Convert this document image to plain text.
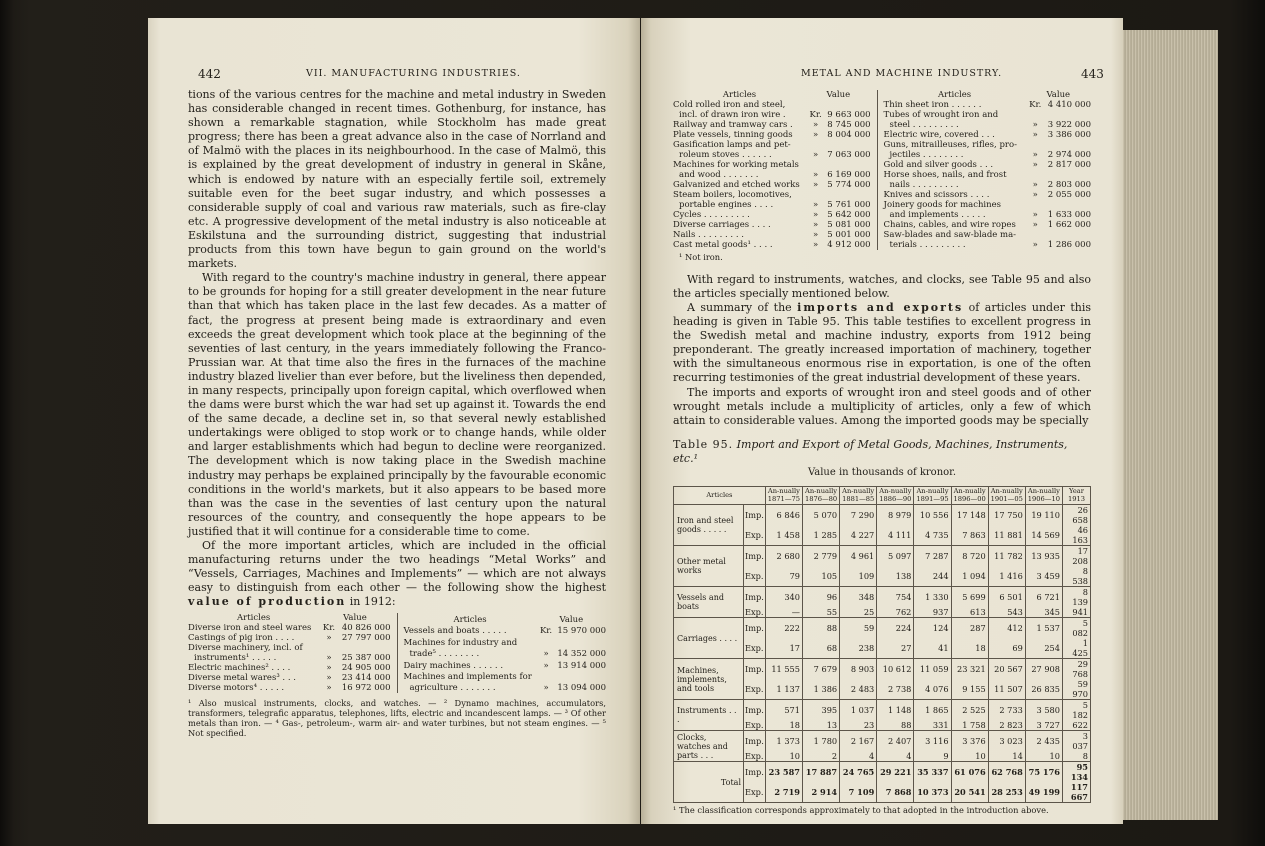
442	VII. MANUFACTURING INDUSTRIES.

tions of the various centres for the machine and metal industry in Sweden has considerable changed in recent times. Gothenburg, for instance, has shown a remarkable stagnation, while Stockholm has made great progress; there has been a great advance also in the case of Norrland and of Malmö with the places in its neighbourhood. In the case of Malmö, this is explained by the great development of industry in general in Skåne, which is endowed by nature with an especially fertile soil, extremely suitable even for the beet sugar industry, and which possesses a considerable supply of coal and various raw materials, such as fire-clay etc. A progressive development of the metal industry is also noticeable at Eskilstuna and the surrounding district, suggesting that industrial products from this town have begun to gain ground on the world's markets.

With regard to the country's machine industry in general, there appear to be grounds for hoping for a still greater development in the near future than that which has taken place in the last few decades. As a matter of fact, the progress at present being made is extraordinary and even exceeds the great development which took place at the beginning of the seventies of last century, in the years immediately following the Franco-Prussian war. At that time also the fires in the furnaces of the machine industry blazed livelier than ever before, but the liveliness then depended, in many respects, principally upon foreign capital, which overflowed when the dams were burst which the war had set up against it. Towards the end of the same decade, a decline set in, so that several newly established undertakings were obliged to stop work or to change hands, while older and larger establishments which had begun to decline were reorganized. The development which is now taking place in the Swedish machine industry may perhaps be explained principally by the favourable economic conditions in the world's markets, but it also appears to be based more than was the case in the seventies of last century upon the natural resources of the country, and consequently the hope appears to be justified that it will continue for a considerable time to come.

Of the more important articles, which are included in the official manufacturing returns under the two headings “Metal Works” and “Vessels, Carriages, Machines and Implements” — which are not always easy to distinguish from each other — the following show the highest value of production in 1912:

Articles	Value	
Diverse iron and steel wares	Kr.	40 826 000
Castings of pig iron . . . .	»	27 797 000
Diverse machinery, incl. of		
instruments¹ . . . . .	»	25 387 000
Electric machines² . . . .	»	24 905 000
Diverse metal wares³ . . .	»	23 414 000
Diverse motors⁴ . . . . .	»	16 972 000
Articles	Value	
Vessels and boats . . . . .	Kr.	15 970 000
Machines for industry and		
trade⁵ . . . . . . . .	»	14 352 000
Dairy machines . . . . . .	»	13 914 000
Machines and implements for		
agriculture . . . . . . .	»	13 094 000

¹ Also musical instruments, clocks, and watches. — ² Dynamo machines, accumulators, transformers, telegrafic apparatus, telephones, lifts, electric and incandescent lamps. — ³ Of other metals than iron. — ⁴ Gas-, petroleum-, warm air- and water turbines, but not steam engines. — ⁵ Not specified.

METAL AND MACHINE INDUSTRY.	443
Articles	Value	
Cold rolled iron and steel,		
incl. of drawn iron wire .	Kr.	9 663 000
Railway and tramway cars .	»	8 745 000
Plate vessels, tinning goods	»	8 004 000
Gasification lamps and pet-		
roleum stoves . . . . . .	»	7 063 000
Machines for working metals		
and wood . . . . . . .	»	6 169 000
Galvanized and etched works	»	5 774 000
Steam boilers, locomotives,		
portable engines . . . .	»	5 761 000
Cycles . . . . . . . . .	»	5 642 000
Diverse carriages . . . .	»	5 081 000
Nails . . . . . . . . .	»	5 001 000
Cast metal goods¹ . . . .	»	4 912 000
Articles	Value	
Thin sheet iron . . . . . .	Kr.	4 410 000
Tubes of wrought iron and		
steel . . . . . . . . .	»	3 922 000
Electric wire, covered . . .	»	3 386 000
Guns, mitrailleuses, rifles, pro-		
jectiles . . . . . . . .	»	2 974 000
Gold and silver goods . . .	»	2 817 000
Horse shoes, nails, and frost		
nails . . . . . . . . .	»	2 803 000
Knives and scissors . . . .	»	2 055 000
Joinery goods for machines		
and implements . . . . .	»	1 633 000
Chains, cables, and wire ropes	»	1 662 000
Saw-blades and saw-blade ma-		
terials . . . . . . . . .	»	1 286 000

¹ Not iron.

With regard to instruments, watches, and clocks, see Table 95 and also the articles specially mentioned below.

A summary of the imports and exports of articles under this heading is given in Table 95. This table testifies to excellent progress in the Swedish metal and machine industry, exports from 1912 being preponderant. The greatly increased importation of machinery, together with the simultaneous enormous rise in exportation, is one of the often recurring testimonies of the great industrial development of these years.

The imports and exports of wrought iron and steel goods and of other wrought metals include a multiplicity of articles, only a few of which attain to considerable values. Among the imported goods may be specially

Table 95. Import and Export of Metal Goods, Machines, Instruments, etc.¹
Value in thousands of kronor.
Articles		An-nually 1871—75	An-nually 1876—80	An-nually 1881—85	An-nually 1886—90	An-nually 1891—95	An-nually 1896—00	An-nually 1901—05	An-nually 1906—10	Year 1913
Iron and steel goods . . . . .	Imp.	6 846	5 070	7 290	8 979	10 556	17 148	17 750	19 110	26 658
	Exp.	1 458	1 285	4 227	4 111	4 735	7 863	11 881	14 569	46 163
Other metal works	Imp.	2 680	2 779	4 961	5 097	7 287	8 720	11 782	13 935	17 208
	Exp.	79	105	109	138	244	1 094	1 416	3 459	8 538
Vessels and boats	Imp.	340	96	348	754	1 330	5 699	6 501	6 721	8 139
	Exp.	—	55	25	762	937	613	543	345	941
Carriages . . . .	Imp.	222	88	59	224	124	287	412	1 537	5 082
	Exp.	17	68	238	27	41	18	69	254	1 425
Machines, implements, and tools	Imp.	11 555	7 679	8 903	10 612	11 059	23 321	20 567	27 908	29 768
	Exp.	1 137	1 386	2 483	2 738	4 076	9 155	11 507	26 835	59 970
Instruments . . .	Imp.	571	395	1 037	1 148	1 865	2 525	2 733	3 580	5 182
	Exp.	18	13	23	88	331	1 758	2 823	3 727	622
Clocks, watches and parts . . .	Imp.	1 373	1 780	2 167	2 407	3 116	3 376	3 023	2 435	3 037
	Exp.	10	2	4	4	9	10	14	10	8
Total	Imp.	23 587	17 887	24 765	29 221	35 337	61 076	62 768	75 176	95 134
	Exp.	2 719	2 914	7 109	7 868	10 373	20 541	28 253	49 199	117 667

¹ The classification corresponds approximately to that adopted in the introduction above.
